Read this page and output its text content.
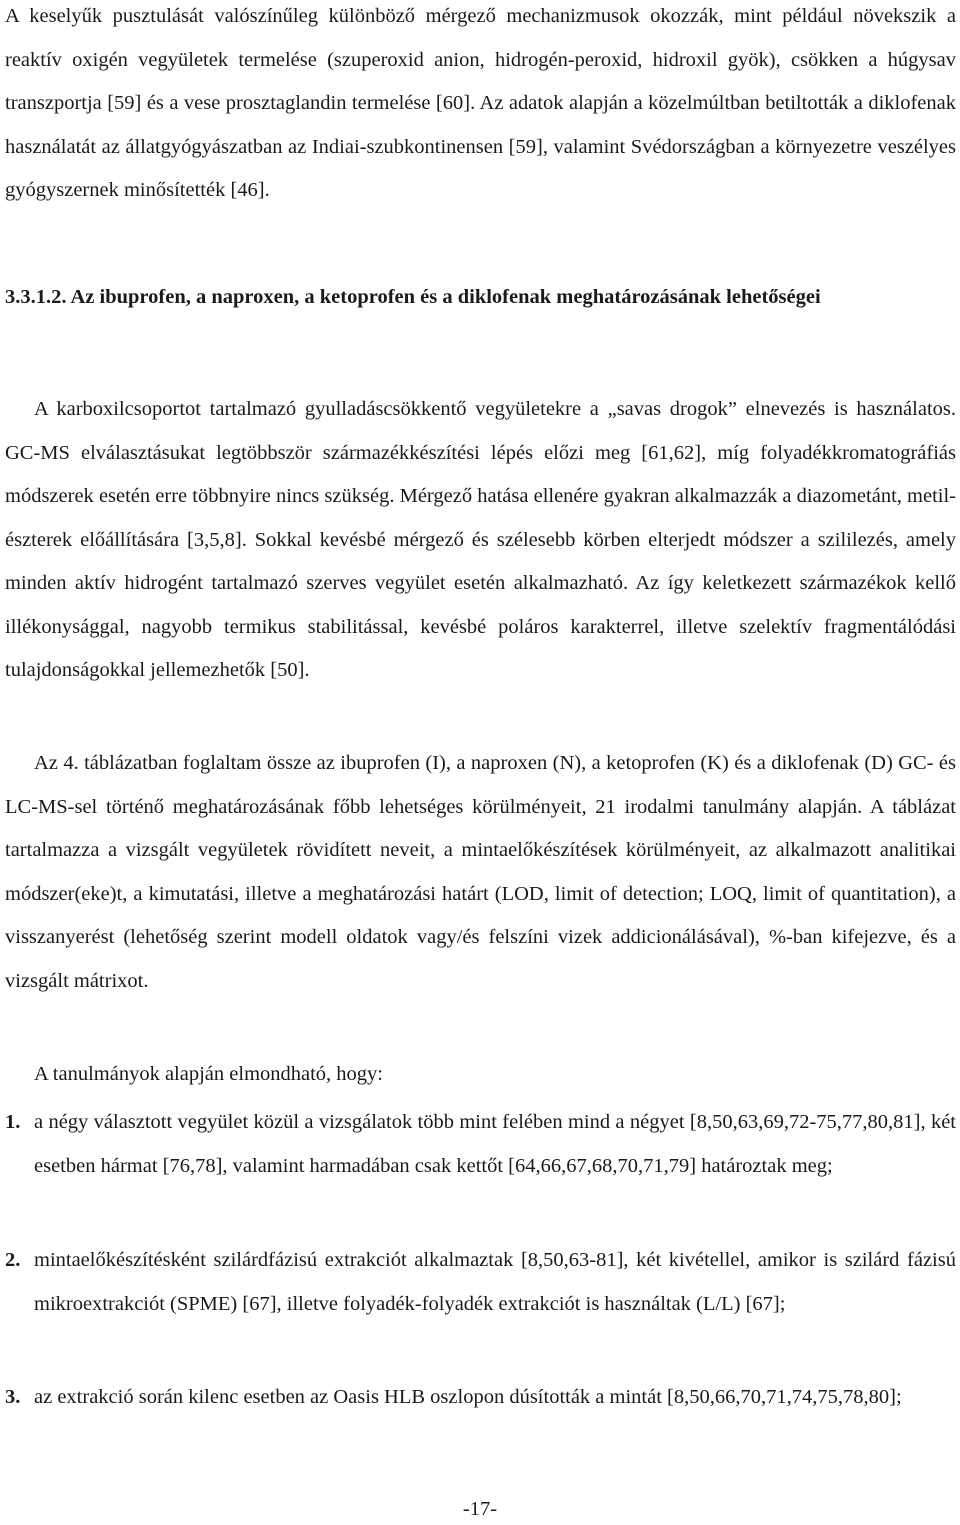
A keselyűk pusztulását valószínűleg különböző mérgező mechanizmusok okozzák, mint például növekszik a reaktív oxigén vegyületek termelése (szuperoxid anion, hidrogén-peroxid, hidroxil gyök), csökken a húgysav transzportja [59] és a vese prosztaglandin termelése [60]. Az adatok alapján a közelmúltban betiltották a diklofenak használatát az állatgyógyászatban az Indiai-szubkontinensen [59], valamint Svédországban a környezetre veszélyes gyógyszernek minősítették [46].

3.3.1.2. Az ibuprofen, a naproxen, a ketoprofen és a diklofenak meghatározásának lehetőségei

A karboxilcsoportot tartalmazó gyulladáscsökkentő vegyületekre a „savas drogok” elnevezés is használatos. GC-MS elválasztásukat legtöbbször származékkészítési lépés előzi meg [61,62], míg folyadékkromatográfiás módszerek esetén erre többnyire nincs szükség. Mérgező hatása ellenére gyakran alkalmazzák a diazometánt, metil-észterek előállítására [3,5,8]. Sokkal kevésbé mérgező és szélesebb körben elterjedt módszer a szililezés, amely minden aktív hidrogént tartalmazó szerves vegyület esetén alkalmazható. Az így keletkezett származékok kellő illékonysággal, nagyobb termikus stabilitással, kevésbé poláros karakterrel, illetve szelektív fragmentálódási tulajdonságokkal jellemezhetők [50].

Az 4. táblázatban foglaltam össze az ibuprofen (I), a naproxen (N), a ketoprofen (K) és a diklofenak (D) GC- és LC-MS-sel történő meghatározásának főbb lehetséges körülményeit, 21 irodalmi tanulmány alapján. A táblázat tartalmazza a vizsgált vegyületek rövidített neveit, a mintaelőkészítések körülményeit, az alkalmazott analitikai módszer(eke)t, a kimutatási, illetve a meghatározási határt (LOD, limit of detection; LOQ, limit of quantitation), a visszanyerést (lehetőség szerint modell oldatok vagy/és felszíni vizek addicionálásával), %-ban kifejezve, és a vizsgált mátrixot.

A tanulmányok alapján elmondható, hogy:

1. a négy választott vegyület közül a vizsgálatok több mint felében mind a négyet [8,50,63,69,72-75,77,80,81], két esetben hármat [76,78], valamint harmadában csak kettőt [64,66,67,68,70,71,79] határoztak meg;

2. mintaelőkészítésként szilárdfázisú extrakciót alkalmaztak [8,50,63-81], két kivétellel, amikor is szilárd fázisú mikroextrakciót (SPME) [67], illetve folyadék-folyadék extrakciót is használtak (L/L) [67];

3. az extrakció során kilenc esetben az Oasis HLB oszlopon dúsították a mintát [8,50,66,70,71,74,75,78,80];

-17-
